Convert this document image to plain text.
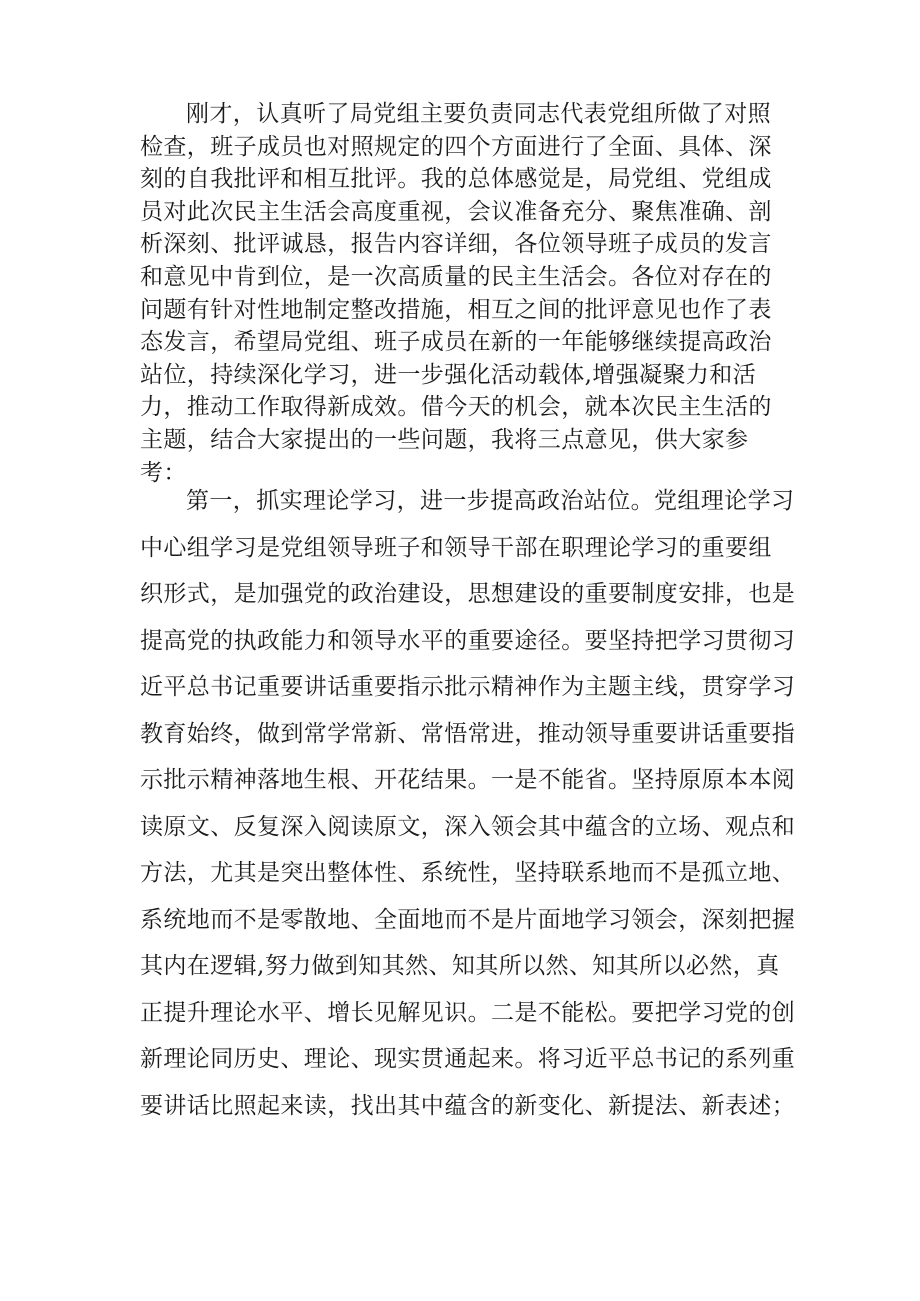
刚才，认真听了局党组主要负责同志代表党组所做了对照
检查，班子成员也对照规定的四个方面进行了全面、具体、深
刻的自我批评和相互批评。我的总体感觉是，局党组、党组成
员对此次民主生活会高度重视，会议准备充分、聚焦准确、剖
析深刻、批评诚恳，报告内容详细，各位领导班子成员的发言
和意见中肯到位，是一次高质量的民主生活会。各位对存在的
问题有针对性地制定整改措施，相互之间的批评意见也作了表
态发言，希望局党组、班子成员在新的一年能够继续提高政治
站位，持续深化学习，进一步强化活动载体,增强凝聚力和活
力，推动工作取得新成效。借今天的机会，就本次民主生活的
主题，结合大家提出的一些问题，我将三点意见，供大家参
考：
第一，抓实理论学习，进一步提高政治站位。党组理论学习
中心组学习是党组领导班子和领导干部在职理论学习的重要组
织形式，是加强党的政治建设，思想建设的重要制度安排，也是
提高党的执政能力和领导水平的重要途径。要坚持把学习贯彻习
近平总书记重要讲话重要指示批示精神作为主题主线，贯穿学习
教育始终，做到常学常新、常悟常进，推动领导重要讲话重要指
示批示精神落地生根、开花结果。一是不能省。坚持原原本本阅
读原文、反复深入阅读原文，深入领会其中蕴含的立场、观点和
方法，尤其是突出整体性、系统性，坚持联系地而不是孤立地、
系统地而不是零散地、全面地而不是片面地学习领会，深刻把握
其内在逻辑,努力做到知其然、知其所以然、知其所以必然，真
正提升理论水平、增长见解见识。二是不能松。要把学习党的创
新理论同历史、理论、现实贯通起来。将习近平总书记的系列重
要讲话比照起来读，找出其中蕴含的新变化、新提法、新表述；
